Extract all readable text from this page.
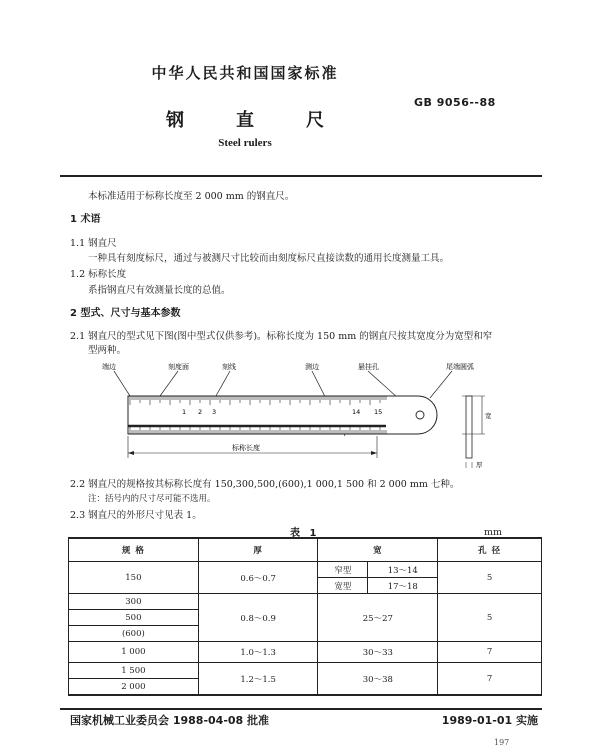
中华人民共和国国家标准
GB 9056--88
钢直尺
Steel rulers
本标准适用于标称长度至 2 000 mm 的钢直尺。
1 术语
1.1 钢直尺
一种具有刻度标尺，通过与被测尺寸比较而由刻度标尺直接读数的通用长度测量工具。
1.2 标称长度
系指钢直尺有效测量长度的总值。
2 型式、尺寸与基本参数
2.1 钢直尺的型式见下图(图中型式仅供参考)。标称长度为 150 mm 的钢直尺按其宽度分为宽型和窄
型两种。
端边	刻度面	刻线	测边	悬挂孔	尾端圆弧
1 2 3	14 15
标称长度
宽
厚
2.2 钢直尺的规格按其标称长度有 150,300,500,(600),1 000,1 500 和 2 000 mm 七种。
注：括号内的尺寸尽可能不选用。
2.3 钢直尺的外形尺寸见表 1。
表 1	mm
规 格	厚	宽		孔 径
150	0.6～0.7	窄型	13～14	5
		宽型	17～18	
300	0.8～0.9	25～27		5
500				
(600)				
1 000	1.0～1.3	30～33		7
1 500	1.2～1.5	30～38		7
2 000				
国家机械工业委员会 1988-04-08 批准	1989-01-01 实施
197
